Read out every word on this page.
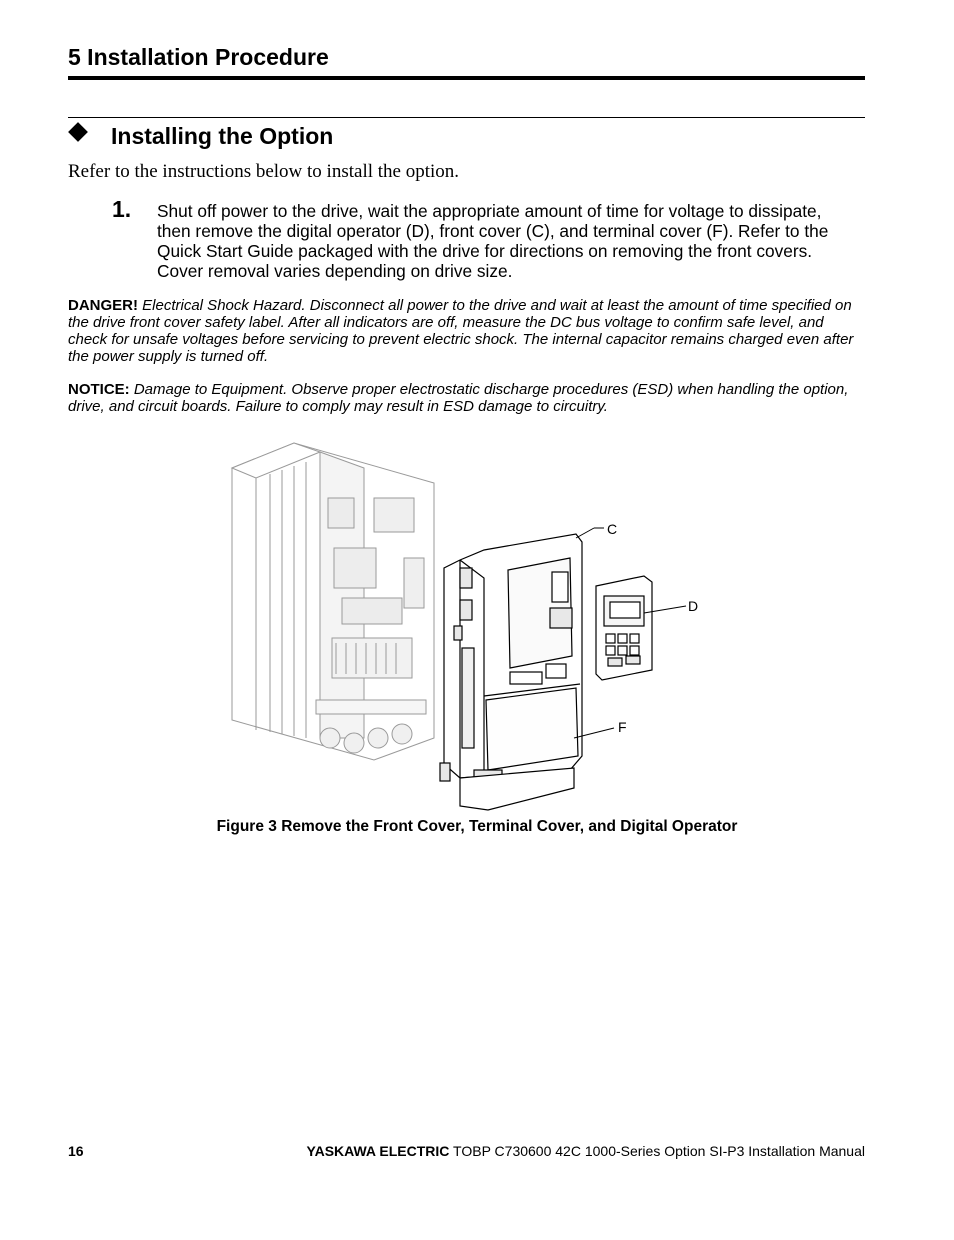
5 Installation Procedure
Installing the Option
Refer to the instructions below to install the option.
1. Shut off power to the drive, wait the appropriate amount of time for voltage to dissipate, then remove the digital operator (D), front cover (C), and terminal cover (F). Refer to the Quick Start Guide packaged with the drive for directions on removing the front covers. Cover removal varies depending on drive size.
DANGER! Electrical Shock Hazard. Disconnect all power to the drive and wait at least the amount of time specified on the drive front cover safety label. After all indicators are off, measure the DC bus voltage to confirm safe level, and check for unsafe voltages before servicing to prevent electric shock. The internal capacitor remains charged even after the power supply is turned off.
NOTICE: Damage to Equipment. Observe proper electrostatic discharge procedures (ESD) when handling the option, drive, and circuit boards. Failure to comply may result in ESD damage to circuitry.
C
D
F
Figure 3 Remove the Front Cover, Terminal Cover, and Digital Operator
16	YASKAWA ELECTRIC TOBP C730600 42C 1000-Series Option SI-P3 Installation Manual
